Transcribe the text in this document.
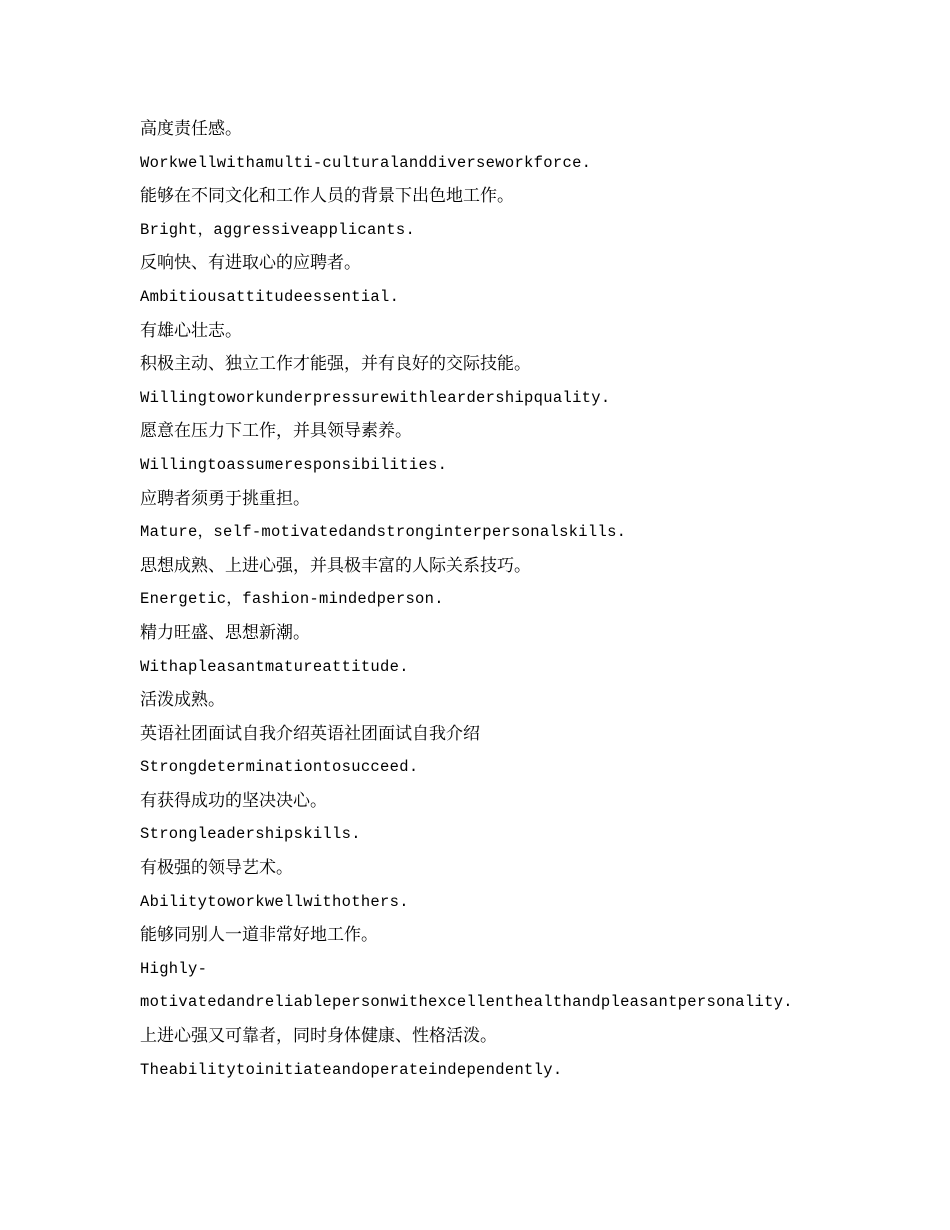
高度责任感。

Workwellwithamulti-culturalanddiverseworkforce.

能够在不同文化和工作人员的背景下出色地工作。

Bright，aggressiveapplicants.

反响快、有进取心的应聘者。

Ambitiousattitudeessential.

有雄心壮志。

积极主动、独立工作才能强，并有良好的交际技能。

Willingtoworkunderpressurewithleardershipquality.

愿意在压力下工作，并具领导素养。

Willingtoassumeresponsibilities.

应聘者须勇于挑重担。

Mature，self-motivatedandstronginterpersonalskills.

思想成熟、上进心强，并具极丰富的人际关系技巧。

Energetic，fashion-mindedperson.

精力旺盛、思想新潮。

Withapleasantmatureattitude.

活泼成熟。

英语社团面试自我介绍英语社团面试自我介绍

Strongdeterminationtosucceed.

有获得成功的坚决决心。

Strongleadershipskills.

有极强的领导艺术。

Abilitytoworkwellwithothers.

能够同别人一道非常好地工作。

Highly-

motivatedandreliablepersonwithexcellenthealthandpleasantpersonality.

上进心强又可靠者，同时身体健康、性格活泼。

Theabilitytoinitiateandoperateindependently.
